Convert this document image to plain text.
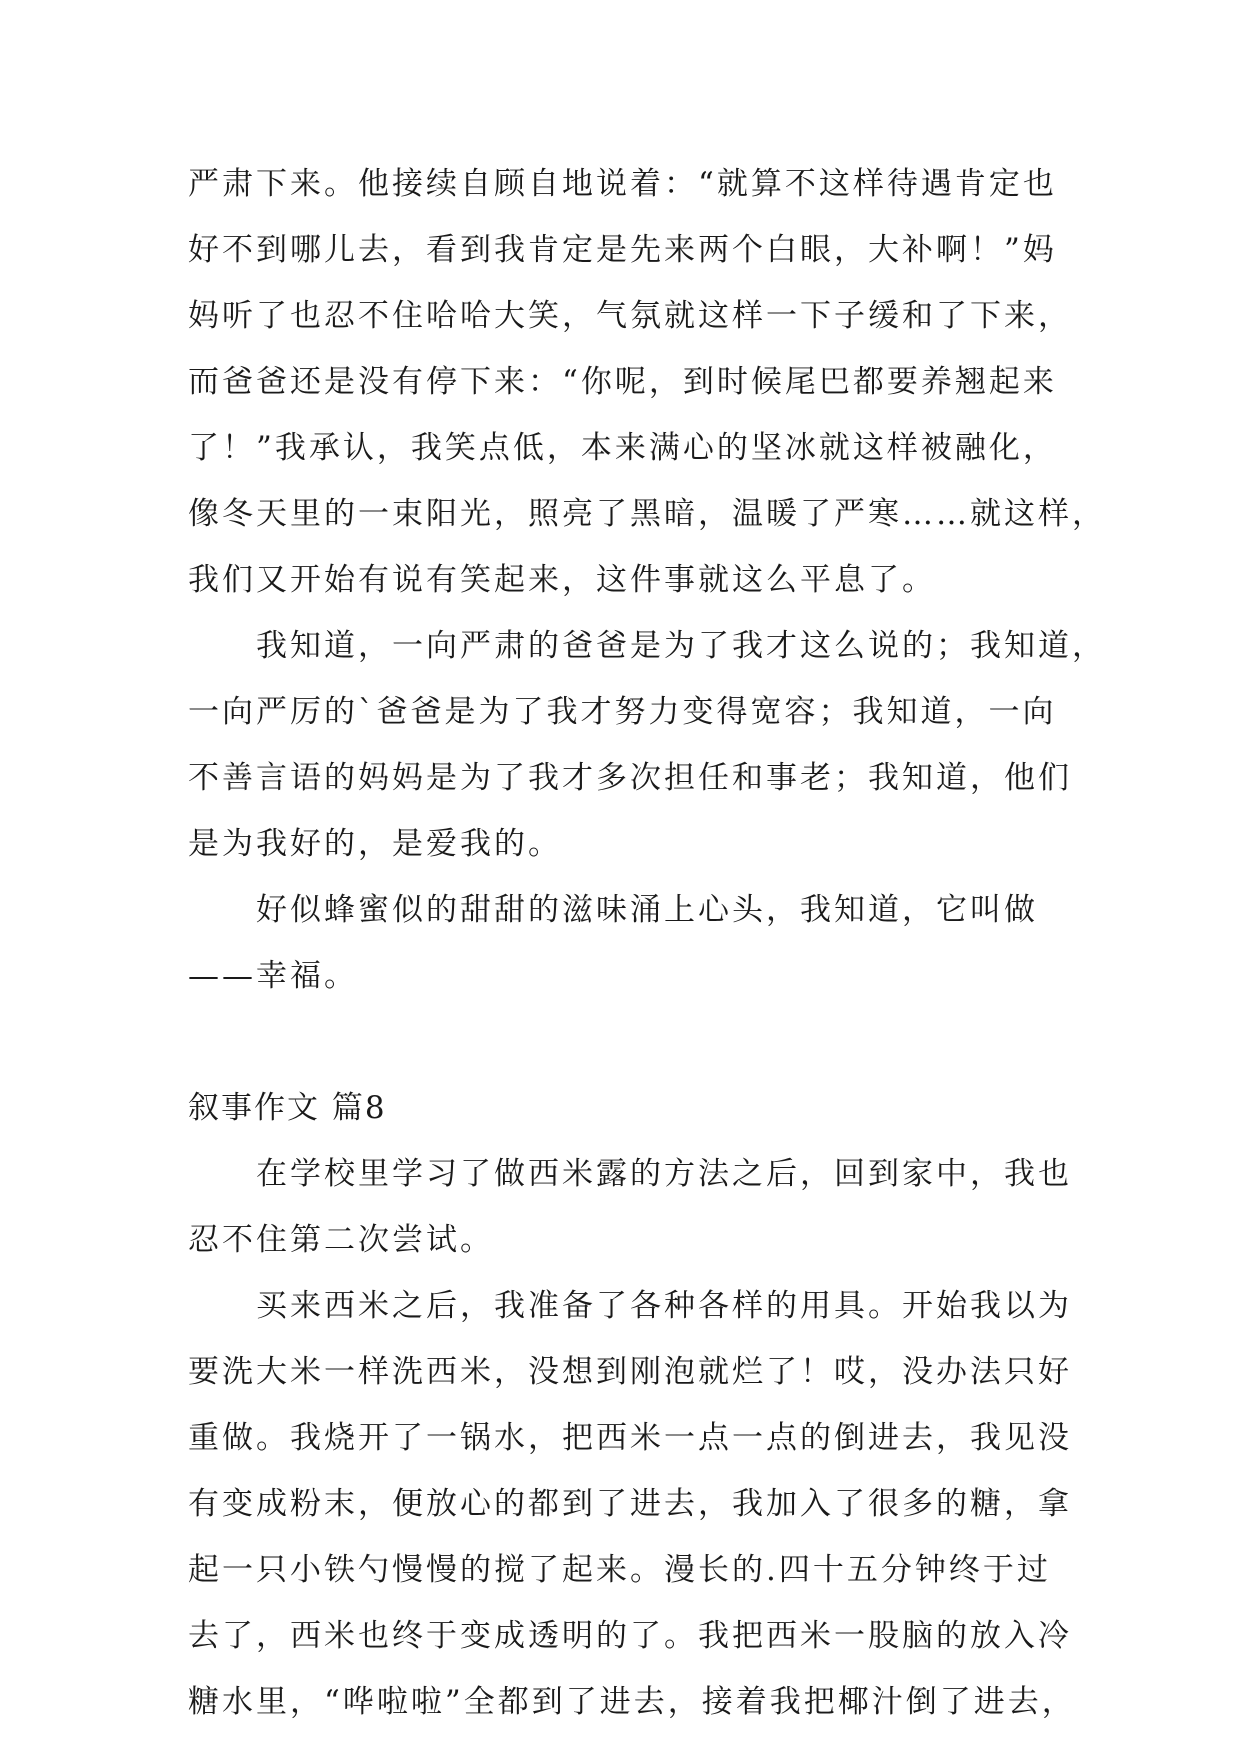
严肃下来。他接续自顾自地说着：“就算不这样待遇肯定也
好不到哪儿去，看到我肯定是先来两个白眼，大补啊！”妈
妈听了也忍不住哈哈大笑，气氛就这样一下子缓和了下来，
而爸爸还是没有停下来：“你呢，到时候尾巴都要养翘起来
了！”我承认，我笑点低，本来满心的坚冰就这样被融化，
像冬天里的一束阳光，照亮了黑暗，温暖了严寒……就这样，
我们又开始有说有笑起来，这件事就这么平息了。
我知道，一向严肃的爸爸是为了我才这么说的；我知道，
一向严厉的`爸爸是为了我才努力变得宽容；我知道，一向
不善言语的妈妈是为了我才多次担任和事老；我知道，他们
是为我好的，是爱我的。
好似蜂蜜似的甜甜的滋味涌上心头，我知道，它叫做
——幸福。
叙事作文 篇8
在学校里学习了做西米露的方法之后，回到家中，我也
忍不住第二次尝试。
买来西米之后，我准备了各种各样的用具。开始我以为
要洗大米一样洗西米，没想到刚泡就烂了！哎，没办法只好
重做。我烧开了一锅水，把西米一点一点的倒进去，我见没
有变成粉末，便放心的都到了进去，我加入了很多的糖，拿
起一只小铁勺慢慢的搅了起来。漫长的.四十五分钟终于过
去了，西米也终于变成透明的了。我把西米一股脑的放入冷
糖水里，“哗啦啦”全都到了进去，接着我把椰汁倒了进去，
